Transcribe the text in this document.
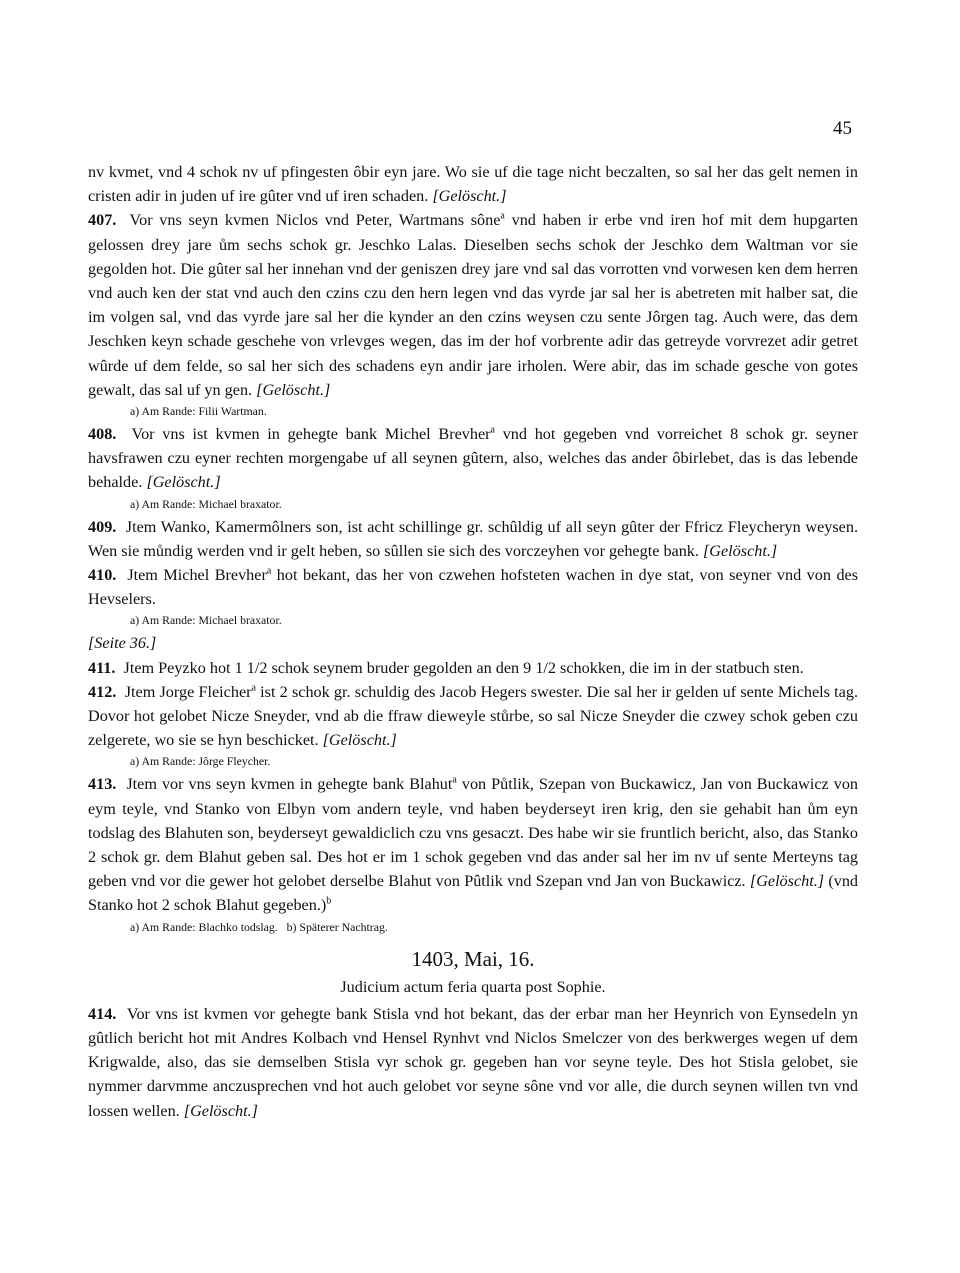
45

nv kvmet, vnd 4 schok nv uf pfingesten ôbir eyn jare. Wo sie uf die tage nicht beczalten, so sal her das gelt nemen in cristen adir in juden uf ire gûter vnd uf iren schaden. [Gelöscht.]

407. Vor vns seyn kvmen Niclos vnd Peter, Wartmans sône$^a$ vnd haben ir erbe vnd iren hof mit dem hupgarten gelossen drey jare ům sechs schok gr. Jeschko Lalas. Dieselben sechs schok der Jeschko dem Waltman vor sie gegolden hot. Die gûter sal her innehan vnd der geniszen drey jare vnd sal das vorrotten vnd vorwesen ken dem herren vnd auch ken der stat vnd auch den czins czu den hern legen vnd das vyrde jar sal her is abetreten mit halber sat, die im volgen sal, vnd das vyrde jare sal her die kynder an den czins weysen czu sente Jôrgen tag. Auch were, das dem Jeschken keyn schade geschehe von vrlevges wegen, das im der hof vorbrente adir das getreyde vorvrezet adir getret wûrde uf dem felde, so sal her sich des schadens eyn andir jare irholen. Were abir, das im schade gesche von gotes gewalt, das sal uf yn gen. [Gelöscht.]

a) Am Rande: Filii Wartman.

408. Vor vns ist kvmen in gehegte bank Michel Brevher$^a$ vnd hot gegeben vnd vorreichet 8 schok gr. seyner havsfrawen czu eyner rechten morgengabe uf all seynen gûtern, also, welches das ander ôbirlebet, das is das lebende behalde. [Gelöscht.]

a) Am Rande: Michael braxator.

409. Jtem Wanko, Kamermôlners son, ist acht schillinge gr. schûldig uf all seyn gûter der Ffricz Fleycheryn weysen. Wen sie můndig werden vnd ir gelt heben, so sûllen sie sich des vorczeyhen vor gehegte bank. [Gelöscht.]

410. Jtem Michel Brevher$^a$ hot bekant, das her von czwehen hofsteten wachen in dye stat, von seyner vnd von des Hevselers.

a) Am Rande: Michael braxator.

[Seite 36.]

411. Jtem Peyzko hot 1 1/2 schok seynem bruder gegolden an den 9 1/2 schokken, die im in der statbuch sten.

412. Jtem Jorge Fleicher$^a$ ist 2 schok gr. schuldig des Jacob Hegers swester. Die sal her ir gelden uf sente Michels tag. Dovor hot gelobet Nicze Sneyder, vnd ab die ffraw dieweyle stůrbe, so sal Nicze Sneyder die czwey schok geben czu zelgerete, wo sie se hyn beschicket. [Gelöscht.]

a) Am Rande: Jôrge Fleycher.

413. Jtem vor vns seyn kvmen in gehegte bank Blahut$^a$ von Půtlik, Szepan von Buckawicz, Jan von Buckawicz von eym teyle, vnd Stanko von Elbyn vom andern teyle, vnd haben beyderseyt iren krig, den sie gehabit han ům eyn todslag des Blahuten son, beyderseyt gewaldiclich czu vns gesaczt. Des habe wir sie fruntlich bericht, also, das Stanko 2 schok gr. dem Blahut geben sal. Des hot er im 1 schok gegeben vnd das ander sal her im nv uf sente Merteyns tag geben vnd vor die gewer hot gelobet derselbe Blahut von Pûtlik vnd Szepan vnd Jan von Buckawicz. [Gelöscht.] (vnd Stanko hot 2 schok Blahut gegeben.)$^b$

a) Am Rande: Blachko todslag.   b) Späterer Nachtrag.

1403, Mai, 16.
Judicium actum feria quarta post Sophie.

414. Vor vns ist kvmen vor gehegte bank Stisla vnd hot bekant, das der erbar man her Heynrich von Eynsedeln yn gûtlich bericht hot mit Andres Kolbach vnd Hensel Rynhvt vnd Niclos Smelczer von des berkwerges wegen uf dem Krigwalde, also, das sie demselben Stisla vyr schok gr. gegeben han vor seyne teyle. Des hot Stisla gelobet, sie nymmer darvmme anczusprechen vnd hot auch gelobet vor seyne sône vnd vor alle, die durch seynen willen tvn vnd lossen wellen. [Gelöscht.]
